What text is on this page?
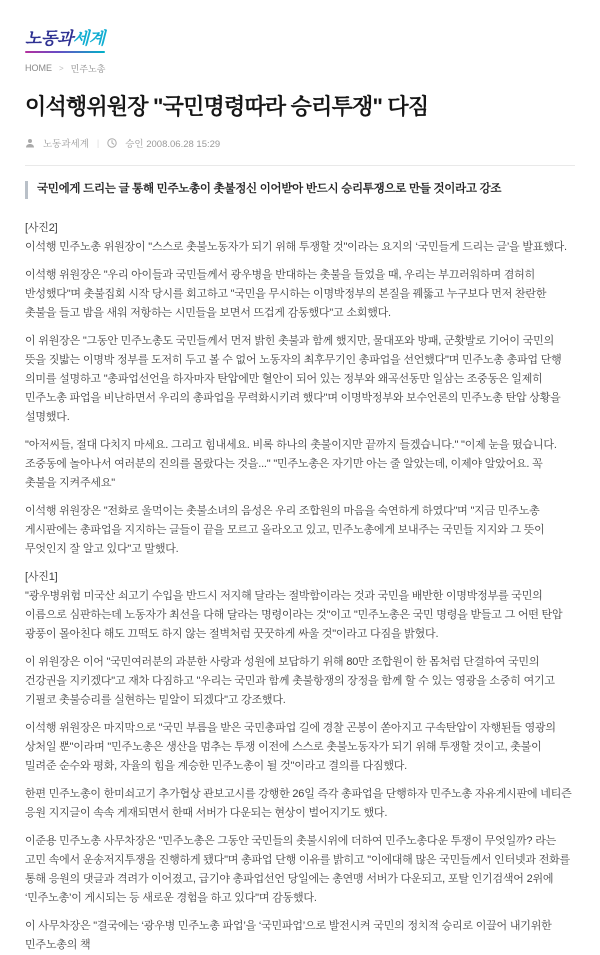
노동과세계
HOME > 민주노총
이석행위원장 "국민명령따라 승리투쟁" 다짐
노동과세계 |	승인 2008.06.28 15:29
국민에게 드리는 글 통해 민주노총이 촛불정신 이어받아 반드시 승리투쟁으로 만들 것이라고 강조

[사진2]
이석행 민주노총 위원장이 "스스로 촛불노동자가 되기 위해 투쟁할 것"이라는 요지의 ‘국민들게 드리는 글’을 발표했다.

이석행 위원장은 "우리 아이들과 국민들께서 광우병을 반대하는 촛불을 들었을 때, 우리는 부끄러워하며 겸허히 반성했다"며 촛불집회 시작 당시를 회고하고 "국민을 무시하는 이명박정부의 본질을 꿰뚫고 누구보다 먼저 찬란한 촛불을 들고 밤을 새워 저항하는 시민들을 보면서 뜨겁게 감동했다"고 소회했다.

이 위원장은 "그동안 민주노총도 국민들께서 먼저 밝힌 촛불과 함께 했지만, 물대포와 방패, 군홧발로 기어이 국민의 뜻을 짓밟는 이명박 정부를 도저히 두고 볼 수 없어 노동자의 최후무기인 총파업을 선언했다"며 민주노총 총파업 단행 의미를 설명하고 "총파업선언을 하자마자 탄압에만 혈안이 되어 있는 정부와 왜곡선동만 일삼는 조중동은 일제히 민주노총 파업을 비난하면서 우리의 총파업을 무력화시키려 했다"며 이명박정부와 보수언론의 민주노총 탄압 상황을 설명했다.

"아저씨들, 절대 다치지 마세요. 그리고 힘내세요. 비록 하나의 촛불이지만 끝까지 들겠습니다." "이제 눈을 떴습니다. 조중동에 놀아나서 여러분의 진의를 몰랐다는 것을..." "민주노총은 자기만 아는 줄 알았는데, 이제야 알았어요. 꼭 촛불을 지켜주세요"

이석행 위원장은 "전화로 울먹이는 촛불소녀의 음성은 우리 조합원의 마음을 숙연하게 하였다"며 "지금 민주노총 게시판에는 총파업을 지지하는 글들이 끝을 모르고 올라오고 있고, 민주노총에게 보내주는 국민들 지지와 그 뜻이 무엇인지 잘 알고 있다"고 말했다.

[사진1]
"광우병위험 미국산 쇠고기 수입을 반드시 저지해 달라는 절박함이라는 것과 국민을 배반한 이명박정부를 국민의 이름으로 심판하는데 노동자가 최선을 다해 달라는 명령이라는 것"이고 "민주노총은 국민 명령을 받들고 그 어떤 탄압 광풍이 몰아친다 해도 끄떡도 하지 않는 절벽처럼 꿋꿋하게 싸울 것"이라고 다짐을 밝혔다.

이 위원장은 이어 "국민여러분의 과분한 사랑과 성원에 보답하기 위해 80만 조합원이 한 몸처럼 단결하여 국민의 건강권을 지키겠다"고 재차 다짐하고 "우리는 국민과 함께 촛불항쟁의 장정을 함께 할 수 있는 영광을 소중히 여기고 기필코 촛불승리를 실현하는 밑알이 되겠다"고 강조했다.

이석행 위원장은 마지막으로 "국민 부름을 받은 국민총파업 길에 경찰 곤봉이 쏟아지고 구속탄압이 자행된들 영광의 상처일 뿐"이라며 "민주노총은 생산을 멈추는 투쟁 이전에 스스로 촛불노동자가 되기 위해 투쟁할 것이고, 촛불이 밀려준 순수와 평화, 자율의 힘을 계승한 민주노총이 될 것"이라고 결의를 다짐했다.

한편 민주노총이 한미쇠고기 추가협상 관보고시를 강행한 26일 즉각 총파업을 단행하자 민주노총 자유게시판에 네티즌 응원 지지글이 속속 게재되면서 한때 서버가 다운되는 현상이 벌어지기도 했다.

이준용 민주노총 사무차장은 "민주노총은 그동안 국민들의 촛불시위에 더하여 민주노총다운 투쟁이 무엇일까? 라는 고민 속에서 운송저지투쟁을 진행하게 됐다"며 총파업 단행 이유를 밝히고 "이에대해 많은 국민들께서 인터넷과 전화를 통해 응원의 댓글과 격려가 이어졌고, 급기야 총파업선언 당일에는 총연맹 서버가 다운되고, 포탈 인기검색어 2위에 ‘민주노총’이 게시되는 등 새로운 경험을 하고 있다"며 감동했다.

이 사무차장은 "결국에는 ‘광우병 민주노총 파업’을 ‘국민파업’으로 발전시켜 국민의 정치적 승리로 이끌어 내기위한 민주노총의 책
